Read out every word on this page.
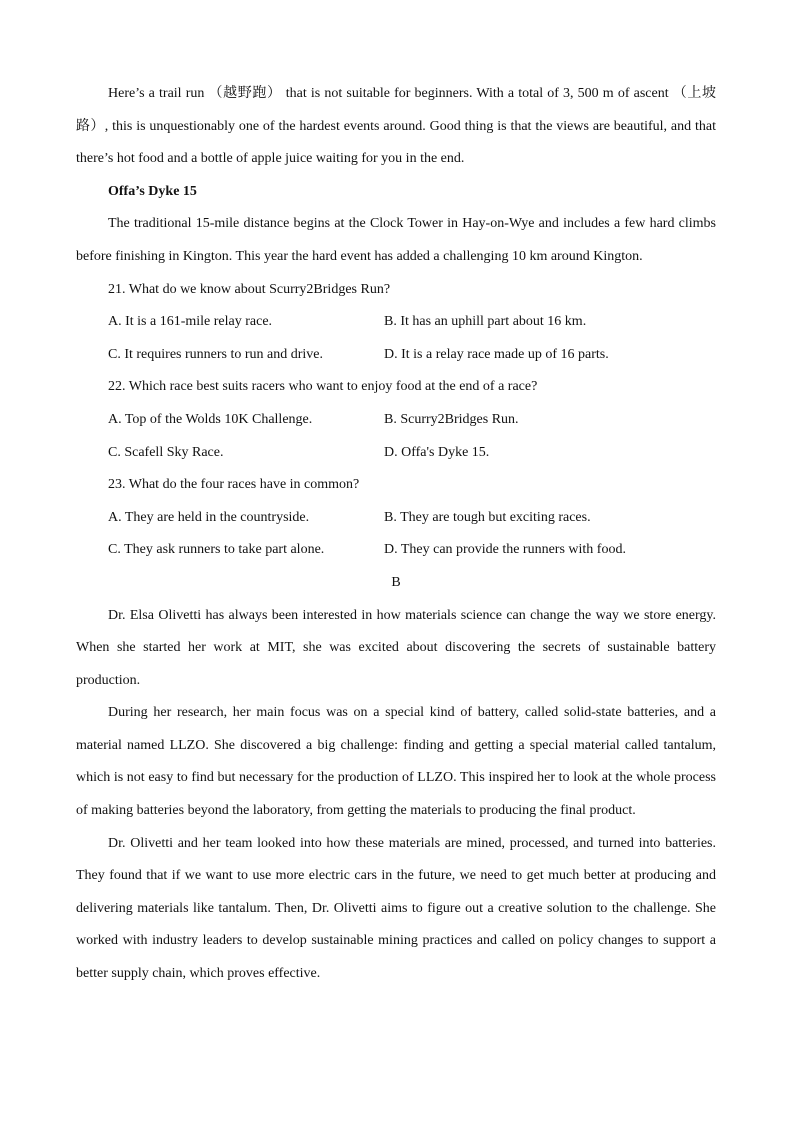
Here’s a trail run （越野跑） that is not suitable for beginners. With a total of 3, 500 m of ascent （上坡路）, this is unquestionably one of the hardest events around. Good thing is that the views are beautiful, and that there’s hot food and a bottle of apple juice waiting for you in the end.

Offa’s Dyke 15

The traditional 15-mile distance begins at the Clock Tower in Hay-on-Wye and includes a few hard climbs before finishing in Kington. This year the hard event has added a challenging 10 km around Kington.

21. What do we know about Scurry2Bridges Run?

A. It is a 161-mile relay race.	B. It has an uphill part about 16 km.
C. It requires runners to run and drive.	D. It is a relay race made up of 16 parts.

22. Which race best suits racers who want to enjoy food at the end of a race?

A. Top of the Wolds 10K Challenge.	B. Scurry2Bridges Run.
C. Scafell Sky Race.	D. Offa's Dyke 15.

23. What do the four races have in common?

A. They are held in the countryside.	B. They are tough but exciting races.
C. They ask runners to take part alone.	D. They can provide the runners with food.

B

Dr. Elsa Olivetti has always been interested in how materials science can change the way we store energy. When she started her work at MIT, she was excited about discovering the secrets of sustainable battery production.

During her research, her main focus was on a special kind of battery, called solid-state batteries, and a material named LLZO. She discovered a big challenge: finding and getting a special material called tantalum, which is not easy to find but necessary for the production of LLZO. This inspired her to look at the whole process of making batteries beyond the laboratory, from getting the materials to producing the final product.

Dr. Olivetti and her team looked into how these materials are mined, processed, and turned into batteries. They found that if we want to use more electric cars in the future, we need to get much better at producing and delivering materials like tantalum. Then, Dr. Olivetti aims to figure out a creative solution to the challenge. She worked with industry leaders to develop sustainable mining practices and called on policy changes to support a better supply chain, which proves effective.
